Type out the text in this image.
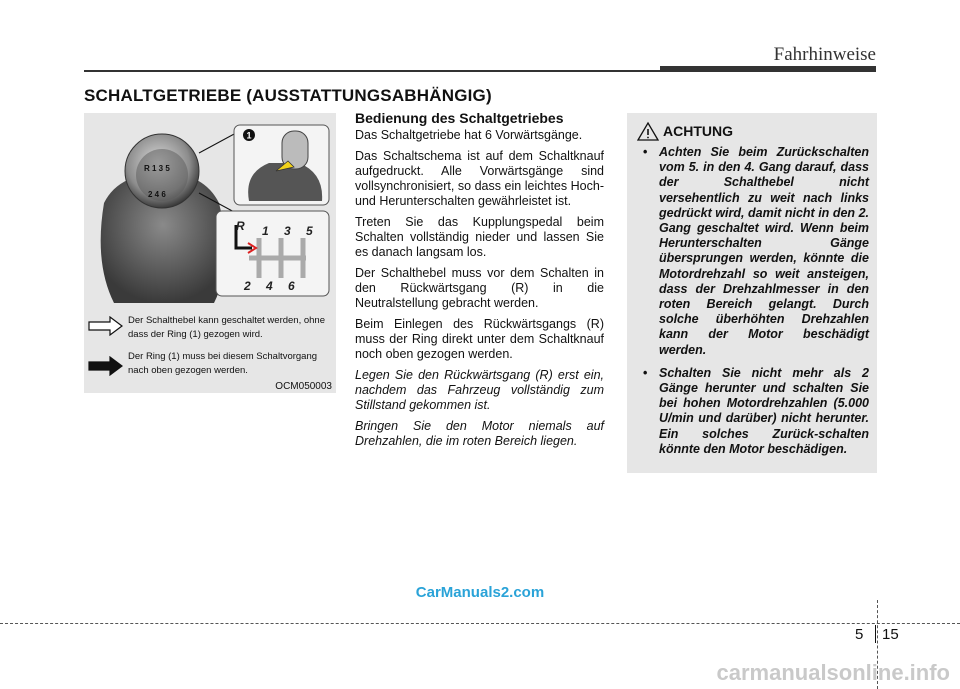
Fahrhinweise
SCHALTGETRIEBE (AUSSTATTUNGSABHÄNGIG)
R 1 3 5
2 4 6
1
R 1 3 5
2 4 6
Der Schalthebel kann geschaltet werden, ohne dass der Ring (1) gezogen wird.
Der Ring (1) muss bei diesem Schaltvorgang nach oben gezogen werden.
OCM050003
Bedienung des Schaltgetriebes

Das Schaltgetriebe hat 6 Vorwärtsgänge.

Das Schaltschema ist auf dem Schaltknauf aufgedruckt. Alle Vorwärtsgänge sind vollsynchronisiert, so dass ein leichtes Hoch- und Herunterschalten gewährleistet ist.

Treten Sie das Kupplungspedal beim Schalten vollständig nieder und lassen Sie es danach langsam los.

Der Schalthebel muss vor dem Schalten in den Rückwärtsgang (R) in die Neutralstellung gebracht werden.

Beim Einlegen des Rückwärtsgangs (R) muss der Ring direkt unter dem Schaltknauf noch oben gezogen werden.

Legen Sie den Rückwärtsgang (R) erst ein, nachdem das Fahrzeug vollständig zum Stillstand gekommen ist.

Bringen Sie den Motor niemals auf Drehzahlen, die im roten Bereich liegen.

ACHTUNG
• Achten Sie beim Zurückschalten vom 5. in den 4. Gang darauf, dass der Schalthebel nicht versehentlich zu weit nach links gedrückt wird, damit nicht in den 2. Gang geschaltet wird. Wenn beim Herunterschalten Gänge übersprungen werden, könnte die Motordrehzahl so weit ansteigen, dass der Drehzahlmesser in den roten Bereich gelangt. Durch solche überhöhten Drehzahlen kann der Motor beschädigt werden.
• Schalten Sie nicht mehr als 2 Gänge herunter und schalten Sie bei hohen Motordrehzahlen (5.000 U/min und darüber) nicht herunter. Ein solches Zurück-schalten könnte den Motor beschädigen.
CarManuals2.com
5 15
carmanualsonline.info
